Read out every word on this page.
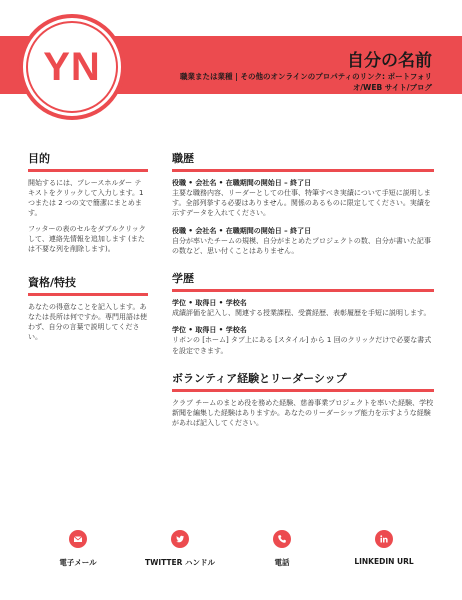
YN	自分の名前
職業または業種 | その他のオンラインのプロパティのリンク: ポートフォリオ/WEB サイト/ブログ
目的
開始するには、プレースホルダー テキストをクリックして入力します。1 つまたは 2 つの文で簡潔にまとめます。
フッターの表のセルをダブルクリックして、連絡先情報を追加します (または不要な列を削除します)。
資格/特技
あなたの得意なことを記入します。あなたは長所は何ですか。専門用語は使わず、自分の言葉で説明してください。
職歴
役職 • 会社名 • 在職期間の開始日 – 終了日
主要な職務内容、リーダーとしての仕事、特筆すべき実績について手短に説明します。全部列挙する必要はありません。関係のあるものに限定してください。実績を示すデータを入れてください。
役職 • 会社名 • 在職期間の開始日 – 終了日
自分が率いたチームの規模、自分がまとめたプロジェクトの数、自分が書いた記事の数など、思い付くことはありません。
学歴
学位 • 取得日 • 学校名
成績評価を記入し、関連する授業課程、受賞経歴、表彰履歴を手短に説明します。
学位 • 取得日 • 学校名
リボンの [ホーム] タブ上にある [スタイル] から 1 回のクリックだけで必要な書式を設定できます。
ボランティア経験とリーダーシップ
クラブ チームのまとめ役を務めた経験、慈善事業プロジェクトを率いた経験、学校新聞を編集した経験はありますか。あなたのリーダーシップ能力を示すような経験があれば記入してください。
電子メール	TWITTER ハンドル	電話	LINKEDIN URL
